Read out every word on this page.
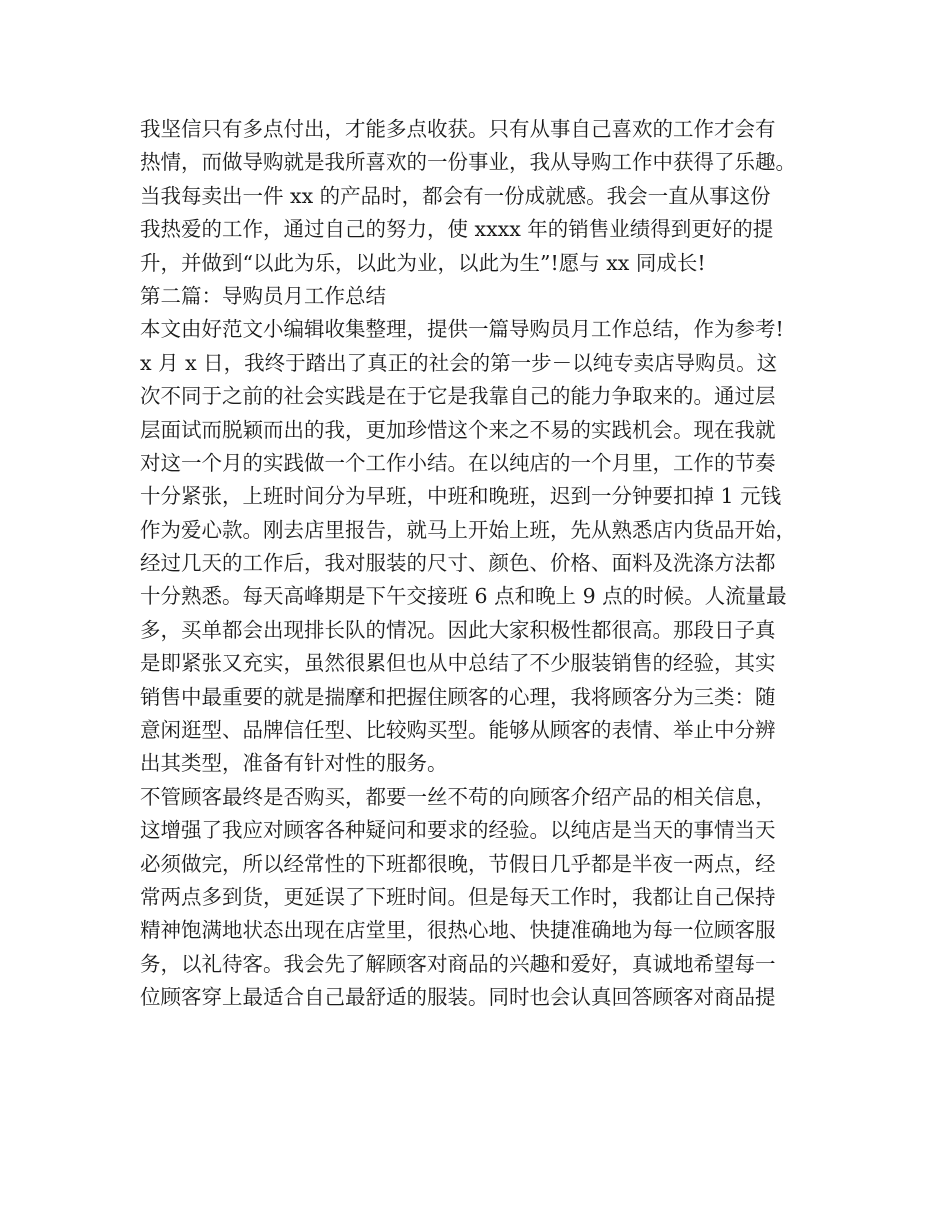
我坚信只有多点付出，才能多点收获。只有从事自己喜欢的工作才会有
热情，而做导购就是我所喜欢的一份事业，我从导购工作中获得了乐趣。
当我每卖出一件 xx 的产品时，都会有一份成就感。我会一直从事这份
我热爱的工作，通过自己的努力，使 xxxx 年的销售业绩得到更好的提
升，并做到“以此为乐，以此为业，以此为生”!愿与 xx 同成长!
第二篇：导购员月工作总结
本文由好范文小编辑收集整理，提供一篇导购员月工作总结，作为参考!
x 月 x 日，我终于踏出了真正的社会的第一步－以纯专卖店导购员。这
次不同于之前的社会实践是在于它是我靠自己的能力争取来的。通过层
层面试而脱颖而出的我，更加珍惜这个来之不易的实践机会。现在我就
对这一个月的实践做一个工作小结。在以纯店的一个月里，工作的节奏
十分紧张，上班时间分为早班，中班和晚班，迟到一分钟要扣掉 1 元钱
作为爱心款。刚去店里报告，就马上开始上班，先从熟悉店内货品开始，
经过几天的工作后，我对服装的尺寸、颜色、价格、面料及洗涤方法都
十分熟悉。每天高峰期是下午交接班 6 点和晚上 9 点的时候。人流量最
多，买单都会出现排长队的情况。因此大家积极性都很高。那段日子真
是即紧张又充实，虽然很累但也从中总结了不少服装销售的经验，其实
销售中最重要的就是揣摩和把握住顾客的心理，我将顾客分为三类：随
意闲逛型、品牌信任型、比较购买型。能够从顾客的表情、举止中分辨
出其类型，准备有针对性的服务。
不管顾客最终是否购买，都要一丝不苟的向顾客介绍产品的相关信息，
这增强了我应对顾客各种疑问和要求的经验。以纯店是当天的事情当天
必须做完，所以经常性的下班都很晚，节假日几乎都是半夜一两点，经
常两点多到货，更延误了下班时间。但是每天工作时，我都让自己保持
精神饱满地状态出现在店堂里，很热心地、快捷准确地为每一位顾客服
务，以礼待客。我会先了解顾客对商品的兴趣和爱好，真诚地希望每一
位顾客穿上最适合自己最舒适的服装。同时也会认真回答顾客对商品提
